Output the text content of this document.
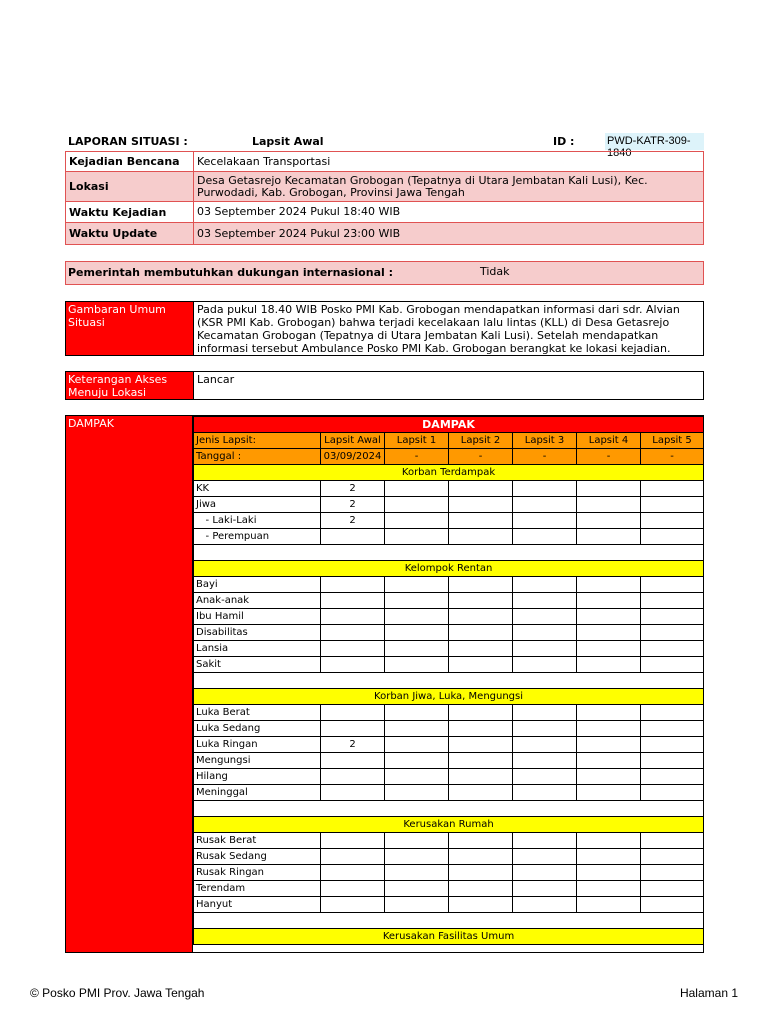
LAPORAN SITUASI :	Lapsit Awal	ID :	PWD-KATR-309-1840
Kejadian Bencana	Kecelakaan Transportasi
Lokasi	Desa Getasrejo Kecamatan Grobogan (Tepatnya di Utara Jembatan Kali Lusi), Kec. Purwodadi, Kab. Grobogan, Provinsi Jawa Tengah
Waktu Kejadian	03 September 2024 Pukul 18:40 WIB
Waktu Update	03 September 2024 Pukul 23:00 WIB
Pemerintah membutuhkan dukungan internasional :	Tidak
Gambaran Umum Situasi
Pada pukul 18.40 WIB Posko PMI Kab. Grobogan mendapatkan informasi dari sdr. Alvian (KSR PMI Kab. Grobogan) bahwa terjadi kecelakaan lalu lintas (KLL) di Desa Getasrejo Kecamatan Grobogan (Tepatnya di Utara Jembatan Kali Lusi). Setelah mendapatkan informasi tersebut Ambulance Posko PMI Kab. Grobogan berangkat ke lokasi kejadian.
Keterangan Akses Menuju Lokasi
Lancar
DAMPAK	DAMPAK						
Jenis Lapsit:	Lapsit Awal	Lapsit 1	Lapsit 2	Lapsit 3	Lapsit 4	Lapsit 5
Tanggal :	03/09/2024	-	-	-	-	-
Korban Terdampak						
KK	2					
Jiwa	2					
- Laki-Laki	2					
- Perempuan						

Kelompok Rentan						
Bayi						
Anak-anak						
Ibu Hamil						
Disabilitas						
Lansia						
Sakit						

Korban Jiwa, Luka, Mengungsi						
Luka Berat						
Luka Sedang						
Luka Ringan	2					
Mengungsi						
Hilang						
Meninggal						

Kerusakan Rumah						
Rusak Berat						
Rusak Sedang						
Rusak Ringan						
Terendam						
Hanyut						

Kerusakan Fasilitas Umum						
© Posko PMI Prov. Jawa Tengah	Halaman 1
